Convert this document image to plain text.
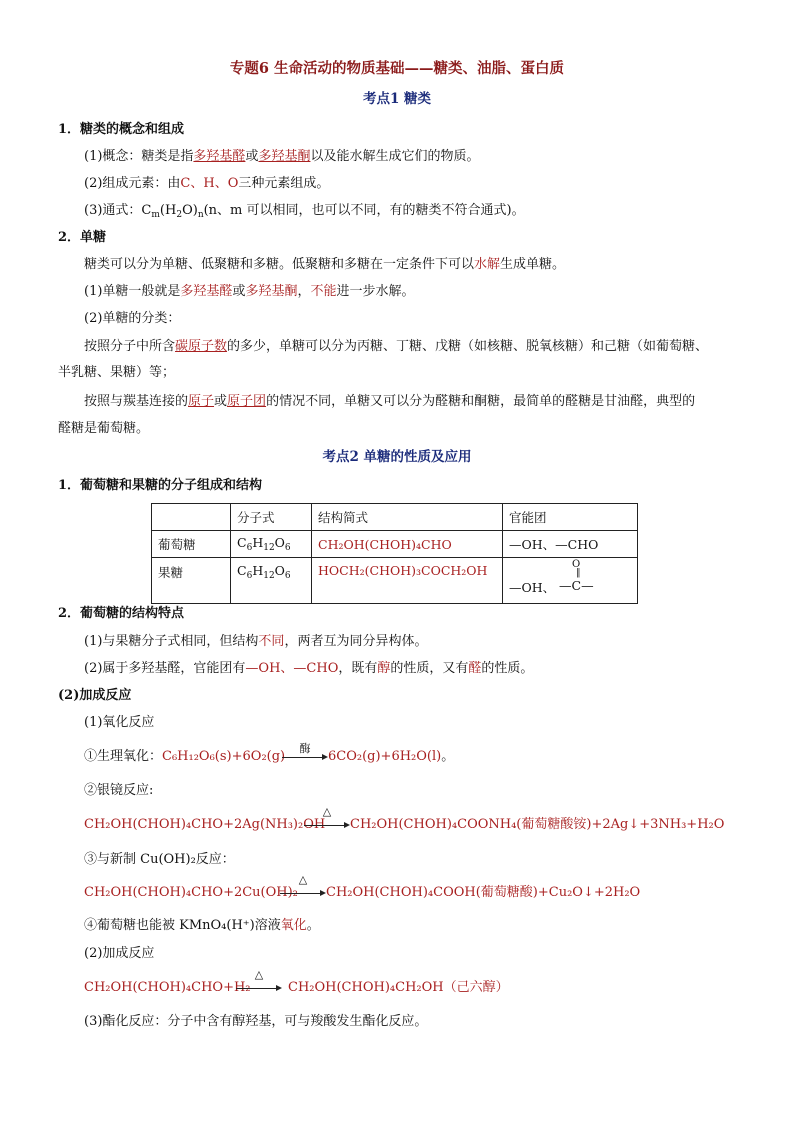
专题6 生命活动的物质基础——糖类、油脂、蛋白质
考点1 糖类
1．糖类的概念和组成
(1)概念：糖类是指多羟基醛或多羟基酮以及能水解生成它们的物质。
(2)组成元素：由C、H、O三种元素组成。
(3)通式：$C_m(H_2O)_n(n$、m 可以相同，也可以不同，有的糖类不符合通式)。
2．单糖
糖类可以分为单糖、低聚糖和多糖。低聚糖和多糖在一定条件下可以水解生成单糖。
(1)单糖一般就是多羟基醛或多羟基酮，不能进一步水解。
(2)单糖的分类：
按照分子中所含碳原子数的多少，单糖可以分为丙糖、丁糖、戊糖（如核糖、脱氧核糖）和己糖（如葡萄糖、
半乳糖、果糖）等；
按照与羰基连接的原子或原子团的情况不同，单糖又可以分为醛糖和酮糖，最简单的醛糖是甘油醛，典型的
醛糖是葡萄糖。
考点2 单糖的性质及应用
1．葡萄糖和果糖的分子组成和结构
	分子式	结构简式	官能团
葡萄糖	$C_6H_{12}O_6$	CH₂OH(CHOH)₄CHO	—OH、—CHO
果糖	$C_6H_{12}O_6$	HOCH₂(CHOH)₃COCH₂OH	O
‖
—OH、 —C—
2．葡萄糖的结构特点
(1)与果糖分子式相同，但结构不同，两者互为同分异构体。
(2)属于多羟基醛，官能团有—OH、—CHO，既有醇的性质，又有醛的性质。
(2)加成反应
(1)氧化反应
①生理氧化：C₆H₁₂O₆(s)+6O₂(g)
酶
→ 6CO₂(g)+6H₂O(l)。
②银镜反应:
CH₂OH(CHOH)₄CHO+2Ag(NH₃)₂OH
△
→ CH₂OH(CHOH)₄COONH₄(葡萄糖酸铵)+2Ag↓+3NH₃+H₂O
③与新制 Cu(OH)₂反应：
CH₂OH(CHOH)₄CHO+2Cu(OH)₂
△
→ CH₂OH(CHOH)₄COOH(葡萄糖酸)+Cu₂O↓+2H₂O
④葡萄糖也能被 KMnO₄(H⁺)溶液氧化。
(2)加成反应
CH₂OH(CHOH)₄CHO+H₂
△
→ CH₂OH(CHOH)₄CH₂OH（己六醇）
(3)酯化反应：分子中含有醇羟基，可与羧酸发生酯化反应。
